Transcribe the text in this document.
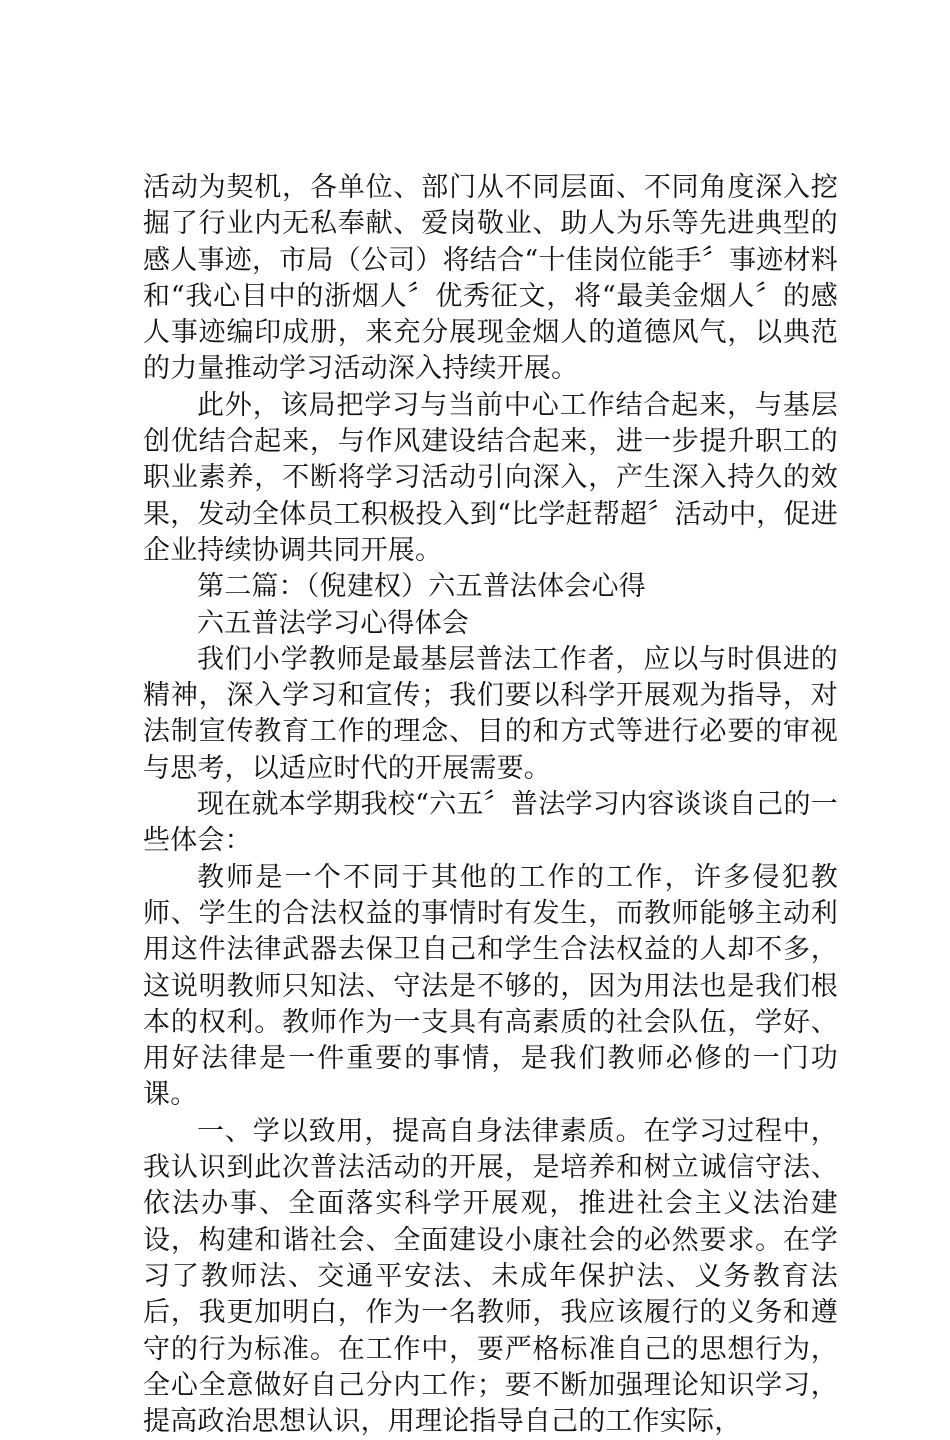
活动为契机，各单位、部门从不同层面、不同角度深入挖掘了行业内无私奉献、爱岗敬业、助人为乐等先进典型的感人事迹，市局（公司）将结合“十佳岗位能手〞事迹材料和“我心目中的浙烟人〞优秀征文，将“最美金烟人〞的感人事迹编印成册，来充分展现金烟人的道德风气，以典范的力量推动学习活动深入持续开展。

此外，该局把学习与当前中心工作结合起来，与基层创优结合起来，与作风建设结合起来，进一步提升职工的职业素养，不断将学习活动引向深入，产生深入持久的效果，发动全体员工积极投入到“比学赶帮超〞活动中，促进企业持续协调共同开展。

第二篇：（倪建权）六五普法体会心得

六五普法学习心得体会

我们小学教师是最基层普法工作者，应以与时俱进的精神，深入学习和宣传；我们要以科学开展观为指导，对法制宣传教育工作的理念、目的和方式等进行必要的审视与思考，以适应时代的开展需要。

现在就本学期我校“六五〞普法学习内容谈谈自己的一些体会：

教师是一个不同于其他的工作的工作，许多侵犯教师、学生的合法权益的事情时有发生，而教师能够主动利用这件法律武器去保卫自己和学生合法权益的人却不多，这说明教师只知法、守法是不够的，因为用法也是我们根本的权利。教师作为一支具有高素质的社会队伍，学好、用好法律是一件重要的事情，是我们教师必修的一门功课。

一、学以致用，提高自身法律素质。在学习过程中，我认识到此次普法活动的开展，是培养和树立诚信守法、依法办事、全面落实科学开展观，推进社会主义法治建设，构建和谐社会、全面建设小康社会的必然要求。在学习了教师法、交通平安法、未成年保护法、义务教育法后，我更加明白，作为一名教师，我应该履行的义务和遵守的行为标准。在工作中，要严格标准自己的思想行为，全心全意做好自己分内工作；要不断加强理论知识学习，提高政治思想认识，用理论指导自己的工作实际，
